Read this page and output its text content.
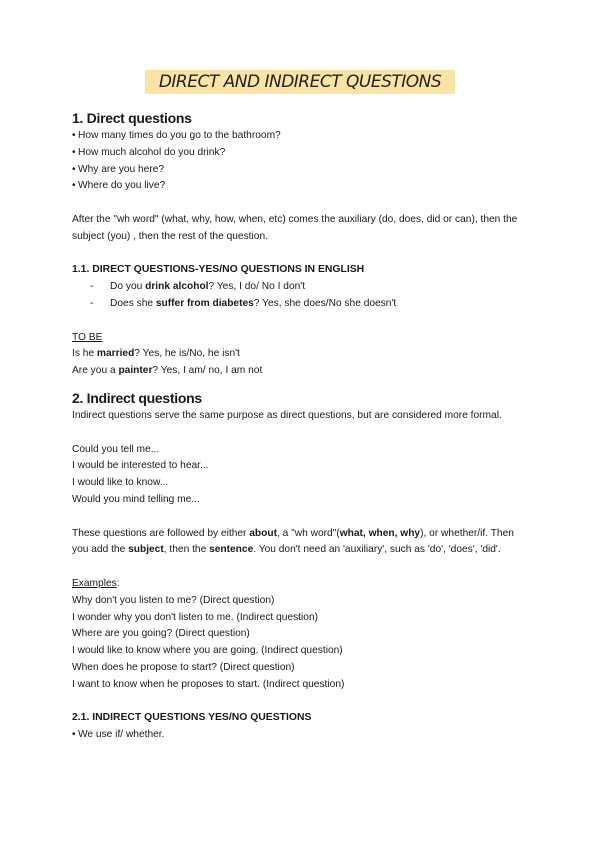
DIRECT AND INDIRECT QUESTIONS
1. Direct questions
• How many times do you go to the bathroom?
• How much alcohol do you drink?
• Why are you here?
• Where do you live?

After the "wh word" (what, why, how, when, etc) comes the auxiliary (do, does, did or can), then the

subject (you) , then the rest of the question.

1.1. DIRECT QUESTIONS-YES/NO QUESTIONS IN ENGLISH
- Do you drink alcohol? Yes, I do/ No I don't
- Does she suffer from diabetes? Yes, she does/No she doesn't

TO BE

Is he married? Yes, he is/No, he isn't

Are you a painter? Yes, I am/ no, I am not

2. Indirect questions

Indirect questions serve the same purpose as direct questions, but are considered more formal.

Could you tell me...

I would be interested to hear...

I would like to know...

Would you mind telling me...

These questions are followed by either about, a "wh word"(what, when, why), or whether/if. Then

you add the subject, then the sentence. You don't need an 'auxiliary', such as 'do', 'does', 'did'.

Examples:

Why don't you listen to me? (Direct question)

I wonder why you don't listen to me. (Indirect question)

Where are you going? (Direct question)

I would like to know where you are going. (Indirect question)

When does he propose to start? (Direct question)

I want to know when he proposes to start. (Indirect question)

2.1. INDIRECT QUESTIONS YES/NO QUESTIONS
• We use if/ whether.
